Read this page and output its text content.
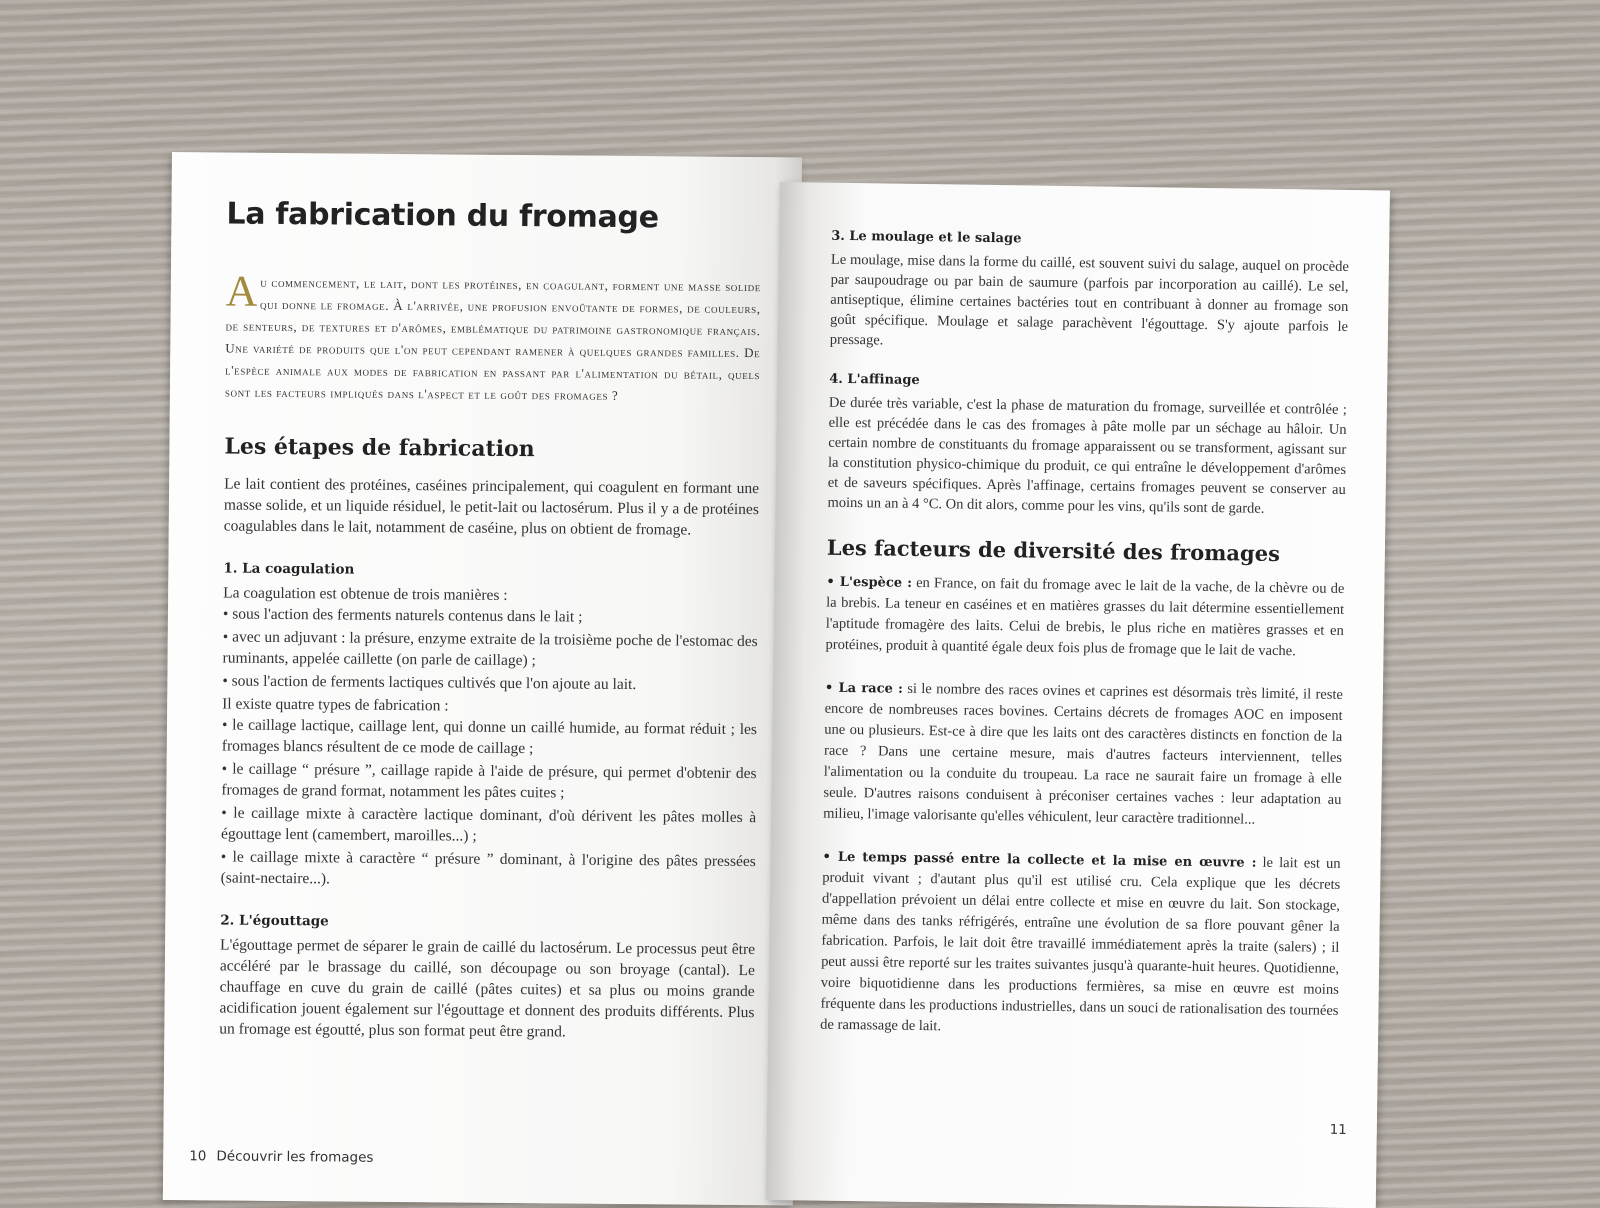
La fabrication du fromage

Au commencement, le lait, dont les protéines, en coagulant, forment une masse solide qui donne le fromage. À l'arrivée, une profusion envoûtante de formes, de couleurs, de senteurs, de textures et d'arômes, emblématique du patrimoine gastronomique français. Une variété de produits que l'on peut cependant ramener à quelques grandes familles. De l'espèce animale aux modes de fabrication en passant par l'alimentation du bétail, quels sont les facteurs impliqués dans l'aspect et le goût des fromages ?

Les étapes de fabrication

Le lait contient des protéines, caséines principalement, qui coagulent en formant une masse solide, et un liquide résiduel, le petit-lait ou lactosérum. Plus il y a de protéines coagulables dans le lait, notamment de caséine, plus on obtient de fromage.

1. La coagulation

La coagulation est obtenue de trois manières :

• sous l'action des ferments naturels contenus dans le lait ;

• avec un adjuvant : la présure, enzyme extraite de la troisième poche de l'estomac des ruminants, appelée caillette (on parle de caillage) ;

• sous l'action de ferments lactiques cultivés que l'on ajoute au lait.

Il existe quatre types de fabrication :

• le caillage lactique, caillage lent, qui donne un caillé humide, au format réduit ; les fromages blancs résultent de ce mode de caillage ;

• le caillage “ présure ”, caillage rapide à l'aide de présure, qui permet d'obtenir des fromages de grand format, notamment les pâtes cuites ;

• le caillage mixte à caractère lactique dominant, d'où dérivent les pâtes molles à égouttage lent (camembert, maroilles...) ;

• le caillage mixte à caractère “ présure ” dominant, à l'origine des pâtes pressées (saint-nectaire...).

2. L'égouttage

L'égouttage permet de séparer le grain de caillé du lactosérum. Le processus peut être accéléré par le brassage du caillé, son découpage ou son broyage (cantal). Le chauffage en cuve du grain de caillé (pâtes cuites) et sa plus ou moins grande acidification jouent également sur l'égouttage et donnent des produits différents. Plus un fromage est égoutté, plus son format peut être grand.

10 Découvrir les fromages
3. Le moulage et le salage

Le moulage, mise dans la forme du caillé, est souvent suivi du salage, auquel on procède par saupoudrage ou par bain de saumure (parfois par incorporation au caillé). Le sel, antiseptique, élimine certaines bactéries tout en contribuant à donner au fromage son goût spécifique. Moulage et salage parachèvent l'égouttage. S'y ajoute parfois le pressage.

4. L'affinage

De durée très variable, c'est la phase de maturation du fromage, surveillée et contrôlée ; elle est précédée dans le cas des fromages à pâte molle par un séchage au hâloir. Un certain nombre de constituants du fromage apparaissent ou se transforment, agissant sur la constitution physico-chimique du produit, ce qui entraîne le développement d'arômes et de saveurs spécifiques. Après l'affinage, certains fromages peuvent se conserver au moins un an à 4 °C. On dit alors, comme pour les vins, qu'ils sont de garde.

Les facteurs de diversité des fromages

• L'espèce : en France, on fait du fromage avec le lait de la vache, de la chèvre ou de la brebis. La teneur en caséines et en matières grasses du lait détermine essentiellement l'aptitude fromagère des laits. Celui de brebis, le plus riche en matières grasses et en protéines, produit à quantité égale deux fois plus de fromage que le lait de vache.

• La race : si le nombre des races ovines et caprines est désormais très limité, il reste encore de nombreuses races bovines. Certains décrets de fromages AOC en imposent une ou plusieurs. Est-ce à dire que les laits ont des caractères distincts en fonction de la race ? Dans une certaine mesure, mais d'autres facteurs interviennent, telles l'alimentation ou la conduite du troupeau. La race ne saurait faire un fromage à elle seule. D'autres raisons conduisent à préconiser certaines vaches : leur adaptation au milieu, l'image valorisante qu'elles véhiculent, leur caractère traditionnel...

• Le temps passé entre la collecte et la mise en œuvre : le lait est un produit vivant ; d'autant plus qu'il est utilisé cru. Cela explique que les décrets d'appellation prévoient un délai entre collecte et mise en œuvre du lait. Son stockage, même dans des tanks réfrigérés, entraîne une évolution de sa flore pouvant gêner la fabrication. Parfois, le lait doit être travaillé immédiatement après la traite (salers) ; il peut aussi être reporté sur les traites suivantes jusqu'à quarante-huit heures. Quotidienne, voire biquotidienne dans les productions fermières, sa mise en œuvre est moins fréquente dans les productions industrielles, dans un souci de rationalisation des tournées de ramassage de lait.

11
